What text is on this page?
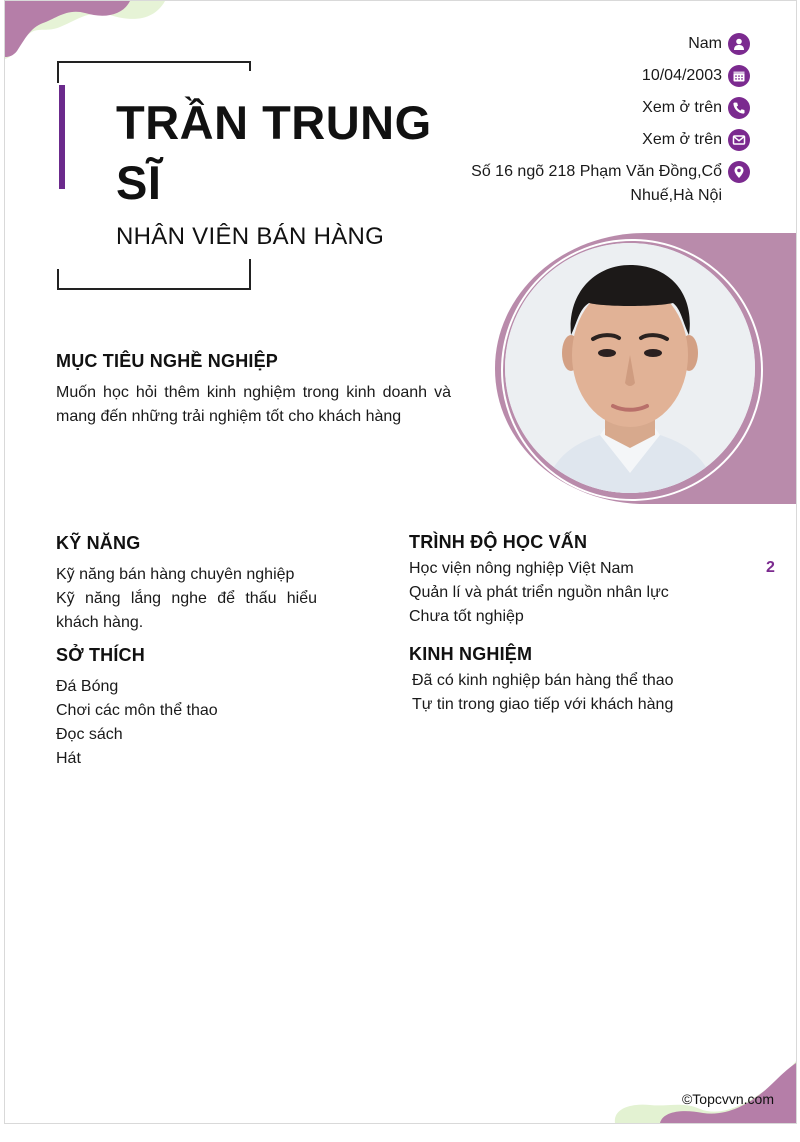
TRẦN TRUNG SĨ
NHÂN VIÊN BÁN HÀNG
Nam
10/04/2003
Xem ở trên
Xem ở trên
Số 16 ngõ 218 Phạm Văn Đồng,Cổ
Nhuế,Hà Nội
MỤC TIÊU NGHỀ NGHIỆP
Muốn học hỏi thêm kinh nghiệm trong kinh doanh và mang đến những trải nghiệm tốt cho khách hàng
KỸ NĂNG
Kỹ năng bán hàng chuyên nghiệp
Kỹ năng lắng nghe để thấu hiểu khách hàng.
SỞ THÍCH
Đá Bóng
Chơi các môn thể thao
Đọc sách
Hát
TRÌNH ĐỘ HỌC VẤN
Học viện nông nghiệp Việt Nam
Quản lí và phát triển nguồn nhân lực
Chưa tốt nghiệp
2
KINH NGHIỆM
Đã có kinh nghiệp bán hàng thể thao
Tự tin trong giao tiếp với khách hàng
©Topcvvn.com
